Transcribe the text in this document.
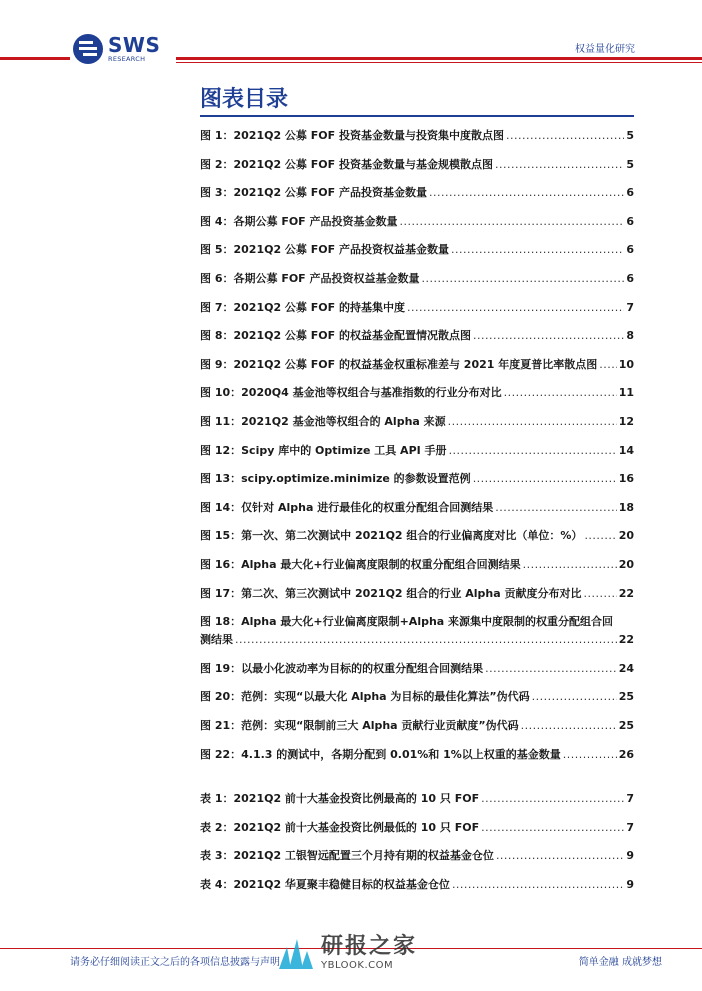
SWS
RESEARCH
权益量化研究
图表目录
图 1：2021Q2 公募 FOF 投资基金数量与投资集中度散点图 .....	5
图 2：2021Q2 公募 FOF 投资基金数量与基金规模散点图 .....	5
图 3：2021Q2 公募 FOF 产品投资基金数量 .....	6
图 4：各期公募 FOF 产品投资基金数量 .....	6
图 5：2021Q2 公募 FOF 产品投资权益基金数量 .....	6
图 6：各期公募 FOF 产品投资权益基金数量 .....	6
图 7：2021Q2 公募 FOF 的持基集中度 .....	7
图 8：2021Q2 公募 FOF 的权益基金配置情况散点图 .....	8
图 9：2021Q2 公募 FOF 的权益基金权重标准差与 2021 年度夏普比率散点图 ..... 10
图 10：2020Q4 基金池等权组合与基准指数的行业分布对比 .....	11
图 11：2021Q2 基金池等权组合的 Alpha 来源 .....	12
图 12：Scipy 库中的 Optimize 工具 API 手册 .....	14
图 13：scipy.optimize.minimize 的参数设置范例 .....	16
图 14：仅针对 Alpha 进行最佳化的权重分配组合回测结果 .....	18
图 15：第一次、第二次测试中 2021Q2 组合的行业偏离度对比（单位：%） .....	20
图 16：Alpha 最大化+行业偏离度限制的权重分配组合回测结果 .....	20
图 17：第二次、第三次测试中 2021Q2 组合的行业 Alpha 贡献度分布对比 .....	22
图 18：Alpha 最大化+行业偏离度限制+Alpha 来源集中度限制的权重分配组合回
测结果 .....	22
图 19：以最小化波动率为目标的的权重分配组合回测结果 .....	24
图 20：范例：实现“以最大化 Alpha 为目标的最佳化算法”伪代码 .....	25
图 21：范例：实现“限制前三大 Alpha 贡献行业贡献度”伪代码 .....	25
图 22：4.1.3 的测试中，各期分配到 0.01%和 1%以上权重的基金数量 .....	26
表 1：2021Q2 前十大基金投资比例最高的 10 只 FOF .....	7
表 2：2021Q2 前十大基金投资比例最低的 10 只 FOF .....	7
表 3：2021Q2 工银智远配置三个月持有期的权益基金仓位 .....	9
表 4：2021Q2 华夏聚丰稳健目标的权益基金仓位 .....	9
请务必仔细阅读正文之后的各项信息披露与声明	简单金融 成就梦想
研报之家
YBLOOK.COM
